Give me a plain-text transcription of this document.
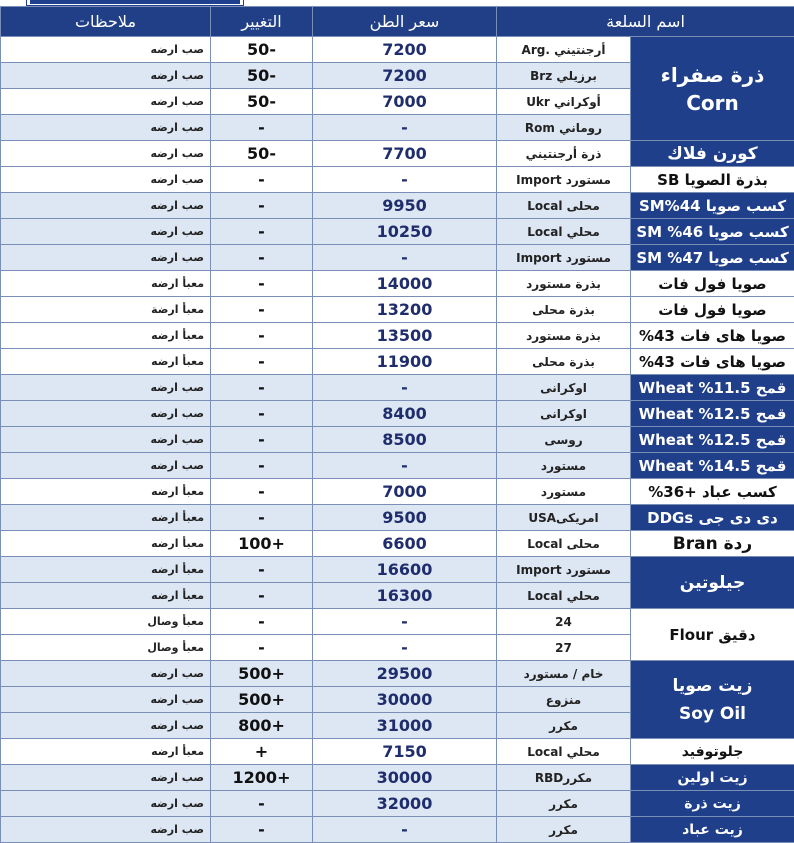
اسم السلعة		سعر الطن	التغيير	ملاحظات

ذرة صفراء
Corn	أرجنتيني .Arg	7200	-50	صب ارضه
	برزيلي Brz	7200	-50	صب ارضه
	أوكراني Ukr	7000	-50	صب ارضه
	روماني Rom	-	-	صب ارضه
كورن فلاك	ذرة أرجنتيني	7700	-50	صب ارضه
بذرة الصويا SB	مستورد Import	-	-	صب ارضه
كسب صويا 44%SM	محلى Local	9950	-	صب ارضه
كسب صويا 46% SM	محلي Local	10250	-	صب ارضه
كسب صويا 47% SM	مستورد Import	-	-	صب ارضه
صويا فول فات	بذرة مستورد	14000	-	معبأ ارضه
صويا فول فات	بذرة محلى	13200	-	معبأ ارضة
صويا هاى فات 43%	بذرة مستورد	13500	-	معبأ ارضه
صويا هاى فات 43%	بذرة محلى	11900	-	معبأ ارضه
قمح Wheat %11.5	اوكرانى	-	-	صب ارضه
قمح Wheat %12.5	اوكرانى	8400	-	صب ارضه
قمح Wheat %12.5	روسى	8500	-	صب ارضه
قمح Wheat %14.5	مستورد	-	-	صب ارضه
كسب عباد +36%	مستورد	7000	-	معبأ ارضه
دى دى جى DDGs	امريكىUSA	9500	-	معبأ ارضه
ردة Bran	محلى Local	6600	+100	معبأ ارضه
جيلوتين	مستورد Import	16600	-	معبأ ارضه
	محلي Local	16300	-	معبأ ارضه
دقيق Flour	24	-	-	معبأ وصال
	27	-	-	معبأ وصال

زيت صويا
Soy Oil	خام / مستورد	29500	+500	صب ارضه
	منزوع	30000	+500	صب ارضه
	مكرر	31000	+800	صب ارضه
جلوتوفيد	محلي Local	7150	+	معبأ ارضه
زيت اولين	مكررRBD	30000	+1200	صب ارضه
زيت ذرة	مكرر	32000	-	صب ارضه
زيت عباد	مكرر	-	-	صب ارضه
